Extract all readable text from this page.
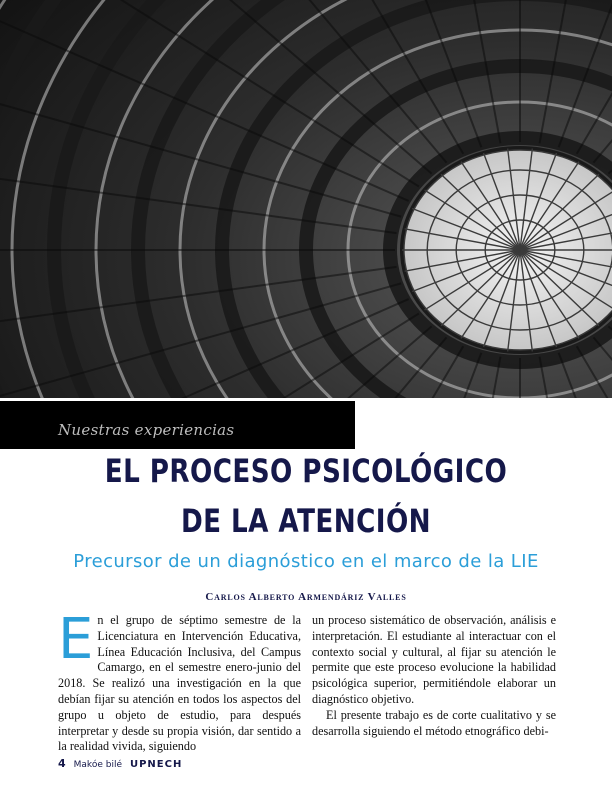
Nuestras experiencias
EL PROCESO PSICOLÓGICO
DE LA ATENCIÓN
Precursor de un diagnóstico en el marco de la LIE
Carlos Alberto Armendáriz Valles

En el grupo de séptimo semestre de la Licenciatura en Intervención Educativa, Línea Educación Inclusiva, del Campus Camargo, en el semestre enero-junio del 2018. Se realizó una investigación en la que debían fijar su atención en todos los aspectos del grupo u objeto de estudio, para después interpretar y desde su propia visión, dar sentido a la realidad vivida, siguiendo

un proceso sistemático de observación, análisis e interpretación. El estudiante al interactuar con el contexto social y cultural, al fijar su atención le permite que este proceso evolucione la habilidad psicológica superior, permitiéndole elaborar un diagnóstico objetivo.

El presente trabajo es de corte cualitativo y se desarrolla siguiendo el método etnográfico debi-

4 Makóe bilé UPNECH
